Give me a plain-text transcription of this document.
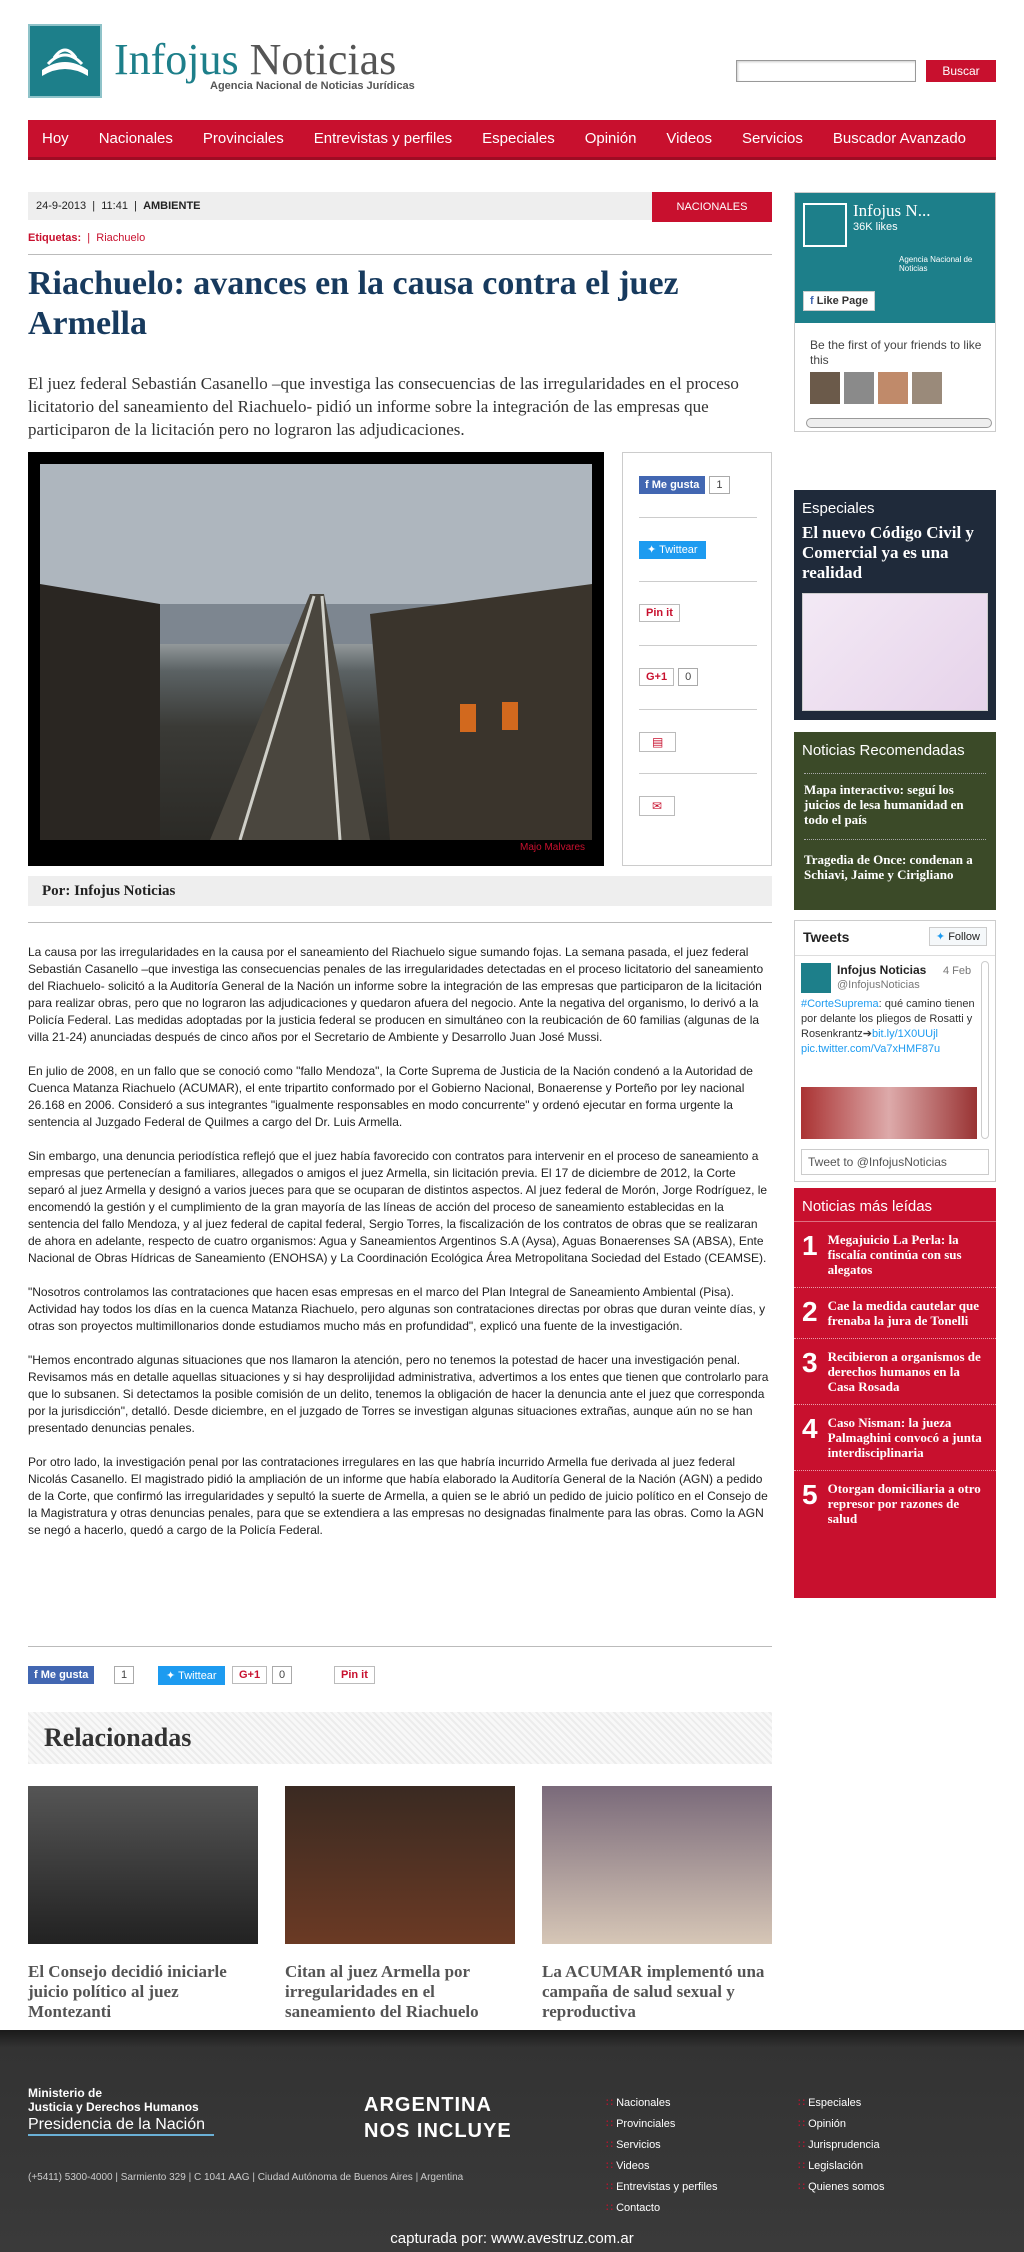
Infojus Noticias
Agencia Nacional de Noticias Jurídicas
Buscar
Hoy Nacionales Provinciales Entrevistas y perfiles Especiales Opinión Videos Servicios Buscador Avanzado
24-9-2013  |  11:41  |  AMBIENTE	NACIONALES
Etiquetas:  |  Riachuelo
Riachuelo: avances en la causa contra el juez Armella

El juez federal Sebastián Casanello –que investiga las consecuencias de las irregularidades en el proceso licitatorio del saneamiento del Riachuelo- pidió un informe sobre la integración de las empresas que participaron de la licitación pero no lograron las adjudicaciones.

Majo Malvares
f Me gusta 1
✦ Twittear
Pin it
G+1 0
▤
✉
Por: Infojus Noticias

La causa por las irregularidades en la causa por el saneamiento del Riachuelo sigue sumando fojas. La semana pasada, el juez federal Sebastián Casanello –que investiga las consecuencias penales de las irregularidades detectadas en el proceso licitatorio del saneamiento del Riachuelo- solicitó a la Auditoría General de la Nación un informe sobre la integración de las empresas que participaron de la licitación para realizar obras, pero que no lograron las adjudicaciones y quedaron afuera del negocio. Ante la negativa del organismo, lo derivó a la Policía Federal. Las medidas adoptadas por la justicia federal se producen en simultáneo con la reubicación de 60 familias (algunas de la villa 21-24) anunciadas después de cinco años por el Secretario de Ambiente y Desarrollo Juan José Mussi.

En julio de 2008, en un fallo que se conoció como "fallo Mendoza", la Corte Suprema de Justicia de la Nación condenó a la Autoridad de Cuenca Matanza Riachuelo (ACUMAR), el ente tripartito conformado por el Gobierno Nacional, Bonaerense y Porteño por ley nacional 26.168 en 2006. Consideró a sus integrantes "igualmente responsables en modo concurrente" y ordenó ejecutar en forma urgente la sentencia al Juzgado Federal de Quilmes a cargo del Dr. Luis Armella.

Sin embargo, una denuncia periodística reflejó que el juez había favorecido con contratos para intervenir en el proceso de saneamiento a empresas que pertenecían a familiares, allegados o amigos el juez Armella, sin licitación previa. El 17 de diciembre de 2012, la Corte separó al juez Armella y designó a varios jueces para que se ocuparan de distintos aspectos. Al juez federal de Morón, Jorge Rodríguez, le encomendó la gestión y el cumplimiento de la gran mayoría de las líneas de acción del proceso de saneamiento establecidas en la sentencia del fallo Mendoza, y al juez federal de capital federal, Sergio Torres, la fiscalización de los contratos de obras que se realizaran de ahora en adelante, respecto de cuatro organismos: Agua y Saneamientos Argentinos S.A (Aysa), Aguas Bonaerenses SA (ABSA), Ente Nacional de Obras Hídricas de Saneamiento (ENOHSA) y La Coordinación Ecológica Área Metropolitana Sociedad del Estado (CEAMSE).

"Nosotros controlamos las contrataciones que hacen esas empresas en el marco del Plan Integral de Saneamiento Ambiental (Pisa). Actividad hay todos los días en la cuenca Matanza Riachuelo, pero algunas son contrataciones directas por obras que duran veinte días, y otras son proyectos multimillonarios donde estudiamos mucho más en profundidad", explicó una fuente de la investigación.

"Hemos encontrado algunas situaciones que nos llamaron la atención, pero no tenemos la potestad de hacer una investigación penal. Revisamos más en detalle aquellas situaciones y si hay desprolijidad administrativa, advertimos a los entes que tienen que controlarlo para que lo subsanen. Si detectamos la posible comisión de un delito, tenemos la obligación de hacer la denuncia ante el juez que corresponda por la jurisdicción", detalló. Desde diciembre, en el juzgado de Torres se investigan algunas situaciones extrañas, aunque aún no se han presentado denuncias penales.

Por otro lado, la investigación penal por las contrataciones irregulares en las que habría incurrido Armella fue derivada al juez federal Nicolás Casanello. El magistrado pidió la ampliación de un informe que había elaborado la Auditoría General de la Nación (AGN) a pedido de la Corte, que confirmó las irregularidades y sepultó la suerte de Armella, a quien se le abrió un pedido de juicio político en el Consejo de la Magistratura y otras denuncias penales, para que se extendiera a las empresas no designadas finalmente para las obras. Como la AGN se negó a hacerlo, quedó a cargo de la Policía Federal.

f Me gusta	1	✦ Twittear	G+1	0	Pin it
Relacionadas
El Consejo decidió iniciarle juicio político al juez Montezanti
Citan al juez Armella por irregularidades en el saneamiento del Riachuelo
La ACUMAR implementó una campaña de salud sexual y reproductiva
Infojus N...
36K likes
Agencia Nacional de Noticias
f Like Page
Be the first of your friends to like this
Especiales
El nuevo Código Civil y Comercial ya es una realidad
Noticias Recomendadas
Mapa interactivo: seguí los juicios de lesa humanidad en todo el país
Tragedia de Once: condenan a Schiavi, Jaime y Cirigliano
Tweets	✦ Follow
Infojus Noticias
@InfojusNoticias
4 Feb
#CorteSuprema: qué camino tienen por delante los pliegos de Rosatti y Rosenkrantz➔bit.ly/1X0UUjl pic.twitter.com/Va7xHMF87u
Tweet to @InfojusNoticias
Noticias más leídas
1 Megajuicio La Perla: la fiscalía continúa con sus alegatos
2 Cae la medida cautelar que frenaba la jura de Tonelli
3 Recibieron a organismos de derechos humanos en la Casa Rosada
4 Caso Nisman: la jueza Palmaghini convocó a junta interdisciplinaria
5 Otorgan domiciliaria a otro represor por razones de salud
Ministerio de
Justicia y Derechos Humanos
Presidencia de la Nación
ARGENTINA
NOS INCLUYE
(+5411) 5300-4000 | Sarmiento 329 | C 1041 AAG | Ciudad Autónoma de Buenos Aires | Argentina
∷ Nacionales
∷ Provinciales
∷ Servicios
∷ Videos
∷ Entrevistas y perfiles
∷ Contacto
∷ Especiales
∷ Opinión
∷ Jurisprudencia
∷ Legislación
∷ Quienes somos
capturada por: www.avestruz.com.ar
